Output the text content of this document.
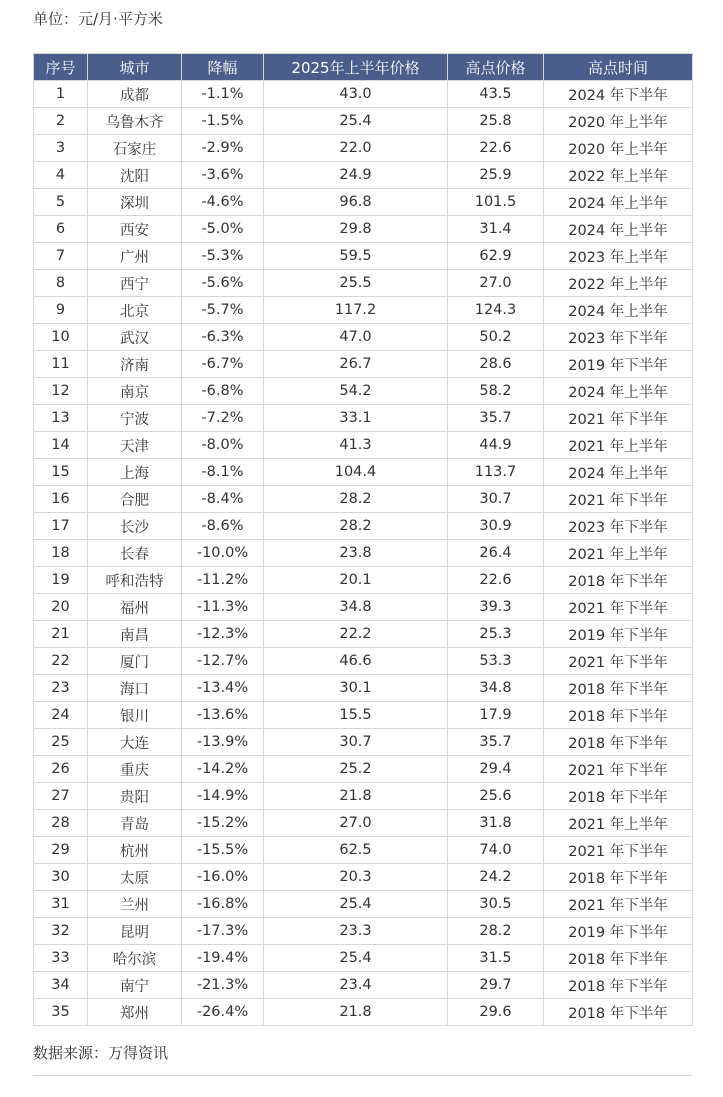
单位：元/月·平方米
序号	城市	降幅	2025年上半年价格	高点价格	高点时间
1	成都	-1.1%	43.0	43.5	2024 年下半年
2	乌鲁木齐	-1.5%	25.4	25.8	2020 年上半年
3	石家庄	-2.9%	22.0	22.6	2020 年上半年
4	沈阳	-3.6%	24.9	25.9	2022 年上半年
5	深圳	-4.6%	96.8	101.5	2024 年上半年
6	西安	-5.0%	29.8	31.4	2024 年上半年
7	广州	-5.3%	59.5	62.9	2023 年上半年
8	西宁	-5.6%	25.5	27.0	2022 年上半年
9	北京	-5.7%	117.2	124.3	2024 年上半年
10	武汉	-6.3%	47.0	50.2	2023 年下半年
11	济南	-6.7%	26.7	28.6	2019 年下半年
12	南京	-6.8%	54.2	58.2	2024 年上半年
13	宁波	-7.2%	33.1	35.7	2021 年下半年
14	天津	-8.0%	41.3	44.9	2021 年上半年
15	上海	-8.1%	104.4	113.7	2024 年上半年
16	合肥	-8.4%	28.2	30.7	2021 年下半年
17	长沙	-8.6%	28.2	30.9	2023 年下半年
18	长春	-10.0%	23.8	26.4	2021 年上半年
19	呼和浩特	-11.2%	20.1	22.6	2018 年下半年
20	福州	-11.3%	34.8	39.3	2021 年下半年
21	南昌	-12.3%	22.2	25.3	2019 年下半年
22	厦门	-12.7%	46.6	53.3	2021 年下半年
23	海口	-13.4%	30.1	34.8	2018 年下半年
24	银川	-13.6%	15.5	17.9	2018 年下半年
25	大连	-13.9%	30.7	35.7	2018 年下半年
26	重庆	-14.2%	25.2	29.4	2021 年下半年
27	贵阳	-14.9%	21.8	25.6	2018 年下半年
28	青岛	-15.2%	27.0	31.8	2021 年上半年
29	杭州	-15.5%	62.5	74.0	2021 年下半年
30	太原	-16.0%	20.3	24.2	2018 年下半年
31	兰州	-16.8%	25.4	30.5	2021 年下半年
32	昆明	-17.3%	23.3	28.2	2019 年下半年
33	哈尔滨	-19.4%	25.4	31.5	2018 年下半年
34	南宁	-21.3%	23.4	29.7	2018 年下半年
35	郑州	-26.4%	21.8	29.6	2018 年下半年
数据来源：万得资讯
